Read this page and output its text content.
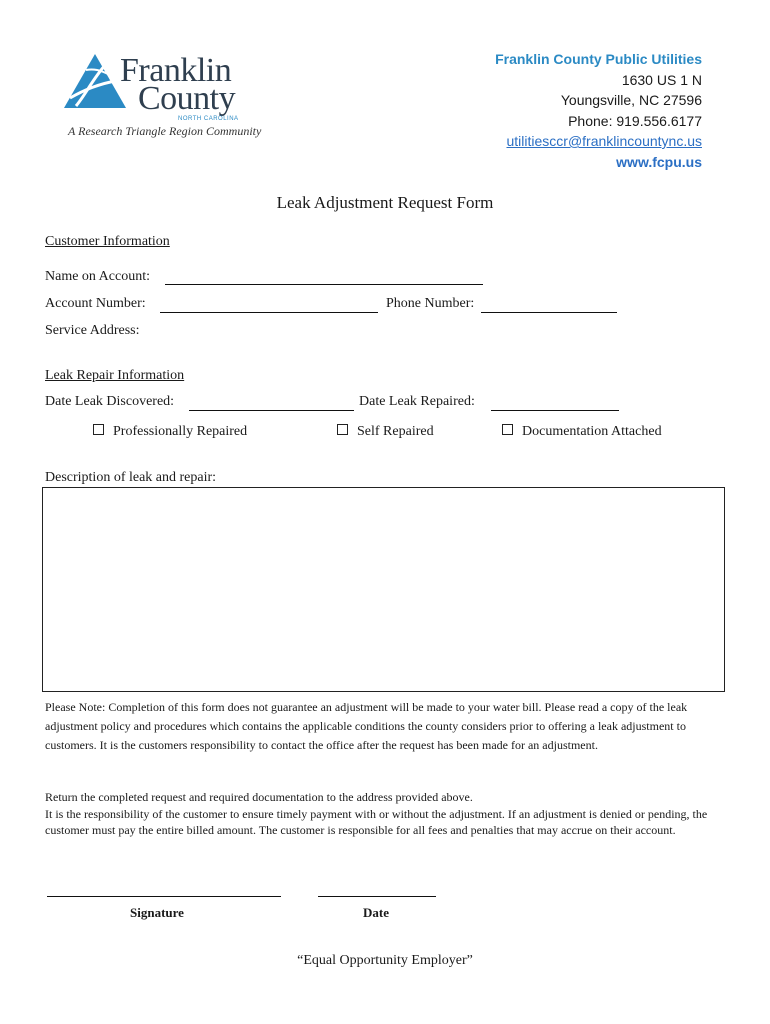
Franklin
County
NORTH CAROLINA
A Research Triangle Region Community
Franklin County Public Utilities
1630 US 1 N
Youngsville, NC 27596
Phone: 919.556.6177
utilitiesccr@franklincountync.us
www.fcpu.us
Leak Adjustment Request Form
Customer Information
Name on Account:
Account Number:	Phone Number:
Service Address:
Leak Repair Information
Date Leak Discovered:	Date Leak Repaired:
Professionally Repaired	Self Repaired	Documentation Attached
Description of leak and repair:
Please Note: Completion of this form does not guarantee an adjustment will be made to your water bill. Please read a copy of the leak adjustment policy and procedures which contains the applicable conditions the county considers prior to offering a leak adjustment to customers. It is the customers responsibility to contact the office after the request has been made for an adjustment.
Return the completed request and required documentation to the address provided above.
It is the responsibility of the customer to ensure timely payment with or without the adjustment. If an adjustment is denied or pending, the customer must pay the entire billed amount. The customer is responsible for all fees and penalties that may accrue on their account.
Signature	Date
“Equal Opportunity Employer”
